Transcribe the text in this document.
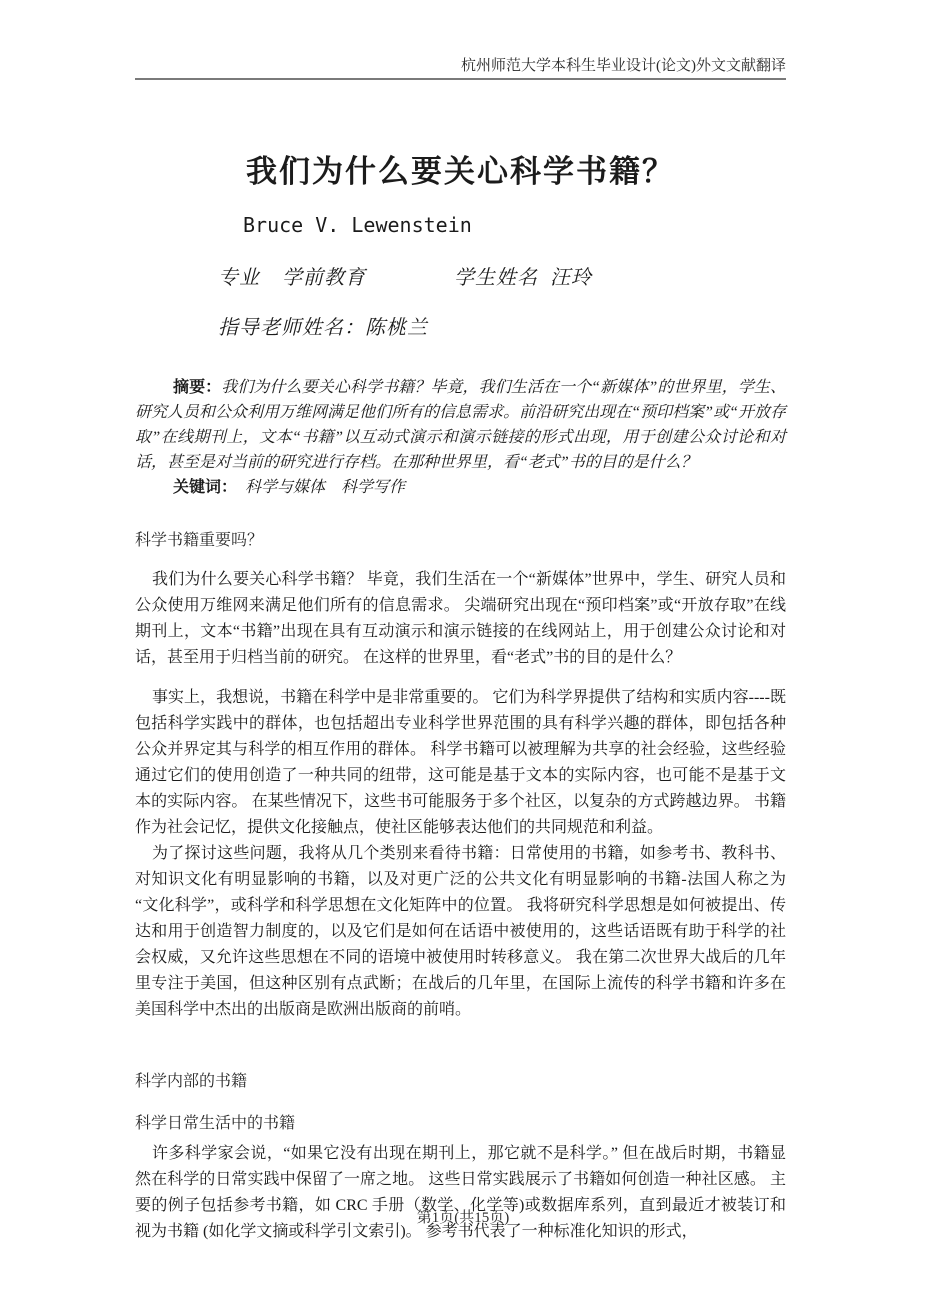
杭州师范大学本科生毕业设计(论文)外文文献翻译
我们为什么要关心科学书籍？
Bruce V. Lewenstein
专业 学前教育	学生姓名 汪玲
指导老师姓名：陈桃兰

摘要：我们为什么要关心科学书籍？毕竟，我们生活在一个“新媒体”的世界里，学生、研究人员和公众利用万维网满足他们所有的信息需求。前沿研究出现在“预印档案”或“开放存取”在线期刊上，文本“书籍”以互动式演示和演示链接的形式出现，用于创建公众讨论和对话，甚至是对当前的研究进行存档。在那种世界里，看“老式”书的目的是什么？

关键词： 科学与媒体　科学写作

科学书籍重要吗？

我们为什么要关心科学书籍？ 毕竟，我们生活在一个“新媒体”世界中，学生、研究人员和公众使用万维网来满足他们所有的信息需求。 尖端研究出现在“预印档案”或“开放存取”在线期刊上，文本“书籍”出现在具有互动演示和演示链接的在线网站上，用于创建公众讨论和对话，甚至用于归档当前的研究。 在这样的世界里，看“老式”书的目的是什么？

事实上，我想说，书籍在科学中是非常重要的。 它们为科学界提供了结构和实质内容----既包括科学实践中的群体，也包括超出专业科学世界范围的具有科学兴趣的群体，即包括各种公众并界定其与科学的相互作用的群体。 科学书籍可以被理解为共享的社会经验，这些经验通过它们的使用创造了一种共同的纽带，这可能是基于文本的实际内容，也可能不是基于文本的实际内容。 在某些情况下，这些书可能服务于多个社区，以复杂的方式跨越边界。 书籍作为社会记忆，提供文化接触点，使社区能够表达他们的共同规范和利益。

为了探讨这些问题，我将从几个类别来看待书籍：日常使用的书籍，如参考书、教科书、对知识文化有明显影响的书籍，以及对更广泛的公共文化有明显影响的书籍-法国人称之为“文化科学”，或科学和科学思想在文化矩阵中的位置。 我将研究科学思想是如何被提出、传达和用于创造智力制度的，以及它们是如何在话语中被使用的，这些话语既有助于科学的社会权威，又允许这些思想在不同的语境中被使用时转移意义。 我在第二次世界大战后的几年里专注于美国，但这种区别有点武断；在战后的几年里，在国际上流传的科学书籍和许多在美国科学中杰出的出版商是欧洲出版商的前哨。

科学内部的书籍
科学日常生活中的书籍

许多科学家会说，“如果它没有出现在期刊上，那它就不是科学。” 但在战后时期，书籍显然在科学的日常实践中保留了一席之地。 这些日常实践展示了书籍如何创造一种社区感。 主要的例子包括参考书籍，如 CRC 手册（数学、化学等)或数据库系列，直到最近才被装订和视为书籍 (如化学文摘或科学引文索引)。 参考书代表了一种标准化知识的形式，

第1页(共15页)
